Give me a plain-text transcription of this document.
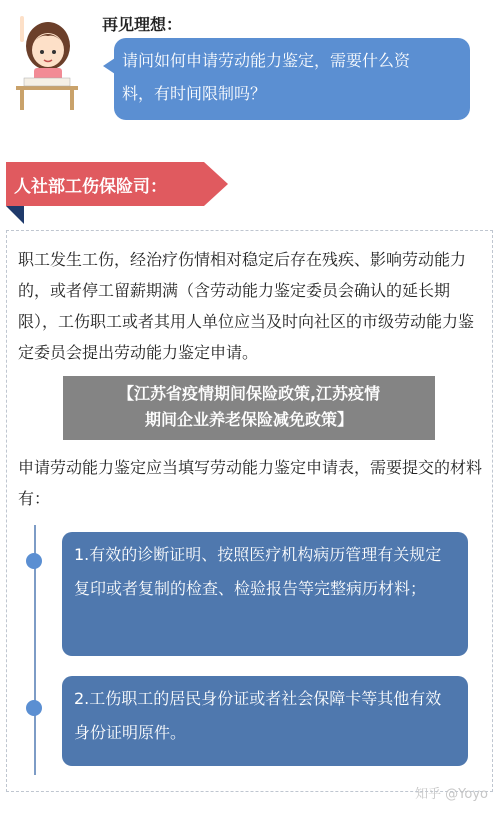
再见理想：
请问如何申请劳动能力鉴定，需要什么资
料，有时间限制吗？
人社部工伤保险司：
职工发生工伤，经治疗伤情相对稳定后存在残疾、影响劳动能力的，或者停工留薪期满（含劳动能力鉴定委员会确认的延长期限），工伤职工或者其用人单位应当及时向社区的市级劳动能力鉴定委员会提出劳动能力鉴定申请。
申请劳动能力鉴定应当填写劳动能力鉴定申请表，需要提交的材料有：
【江苏省疫情期间保险政策,江苏疫情
期间企业养老保险减免政策】
1.有效的诊断证明、按照医疗机构病历管理有关规定复印或者复制的检查、检验报告等完整病历材料；
2.工伤职工的居民身份证或者社会保障卡等其他有效身份证明原件。
知乎 @Yoyo
